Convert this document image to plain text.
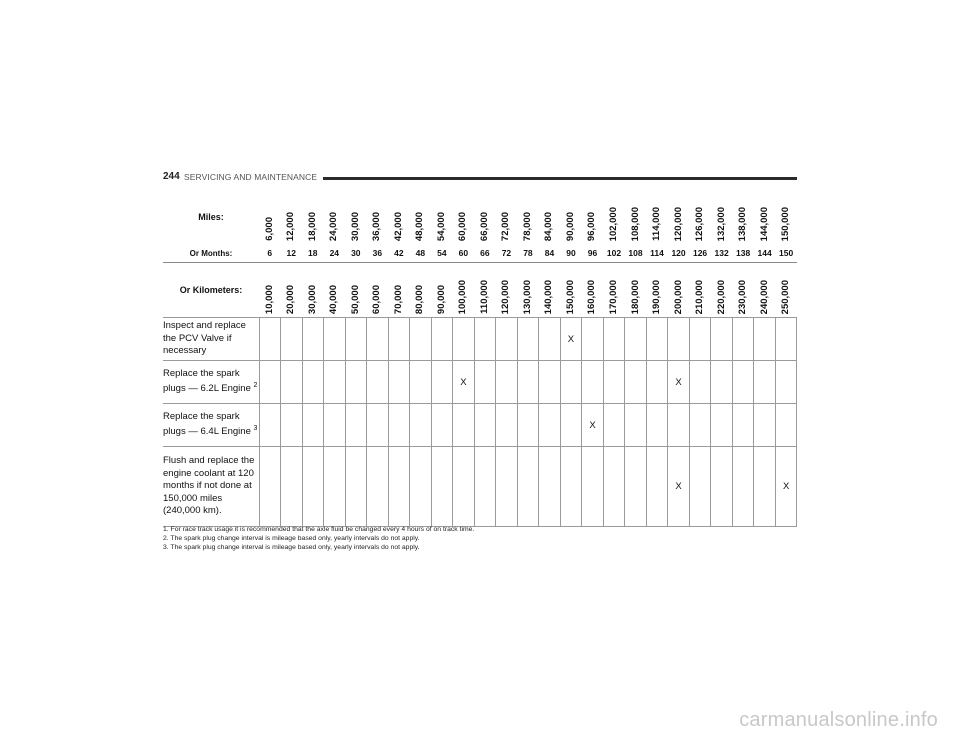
244 SERVICING AND MAINTENANCE
Miles:	6,000	12,000	18,000	24,000	30,000	36,000	42,000	48,000	54,000	60,000	66,000	72,000	78,000	84,000	90,000	96,000	102,000	108,000	114,000	120,000	126,000	132,000	138,000	144,000	150,000

Or Months:	6	12	18	24	30	36	42	48	54	60	66	72	78	84	90	96	102	108	114	120	126	132	138	144	150
Or Kilometers:	10,000	20,000	30,000	40,000	50,000	60,000	70,000	80,000	90,000	100,000	110,000	120,000	130,000	140,000	150,000	160,000	170,000	180,000	190,000	200,000	210,000	220,000	230,000	240,000	250,000

Inspect and replace the PCV Valve if necessary															X										
Replace the spark plugs — 6.2L Engine $^2$										X										X					
Replace the spark plugs — 6.4L Engine $^3$																X									
Flush and replace the engine coolant at 120 months if not done at 150,000 miles (240,000 km).																				X					X
1. For race track usage it is recommended that the axle fluid be changed every 4 hours of on track time.
2. The spark plug change interval is mileage based only, yearly intervals do not apply.
3. The spark plug change interval is mileage based only, yearly intervals do not apply.
carmanualsonline.info
